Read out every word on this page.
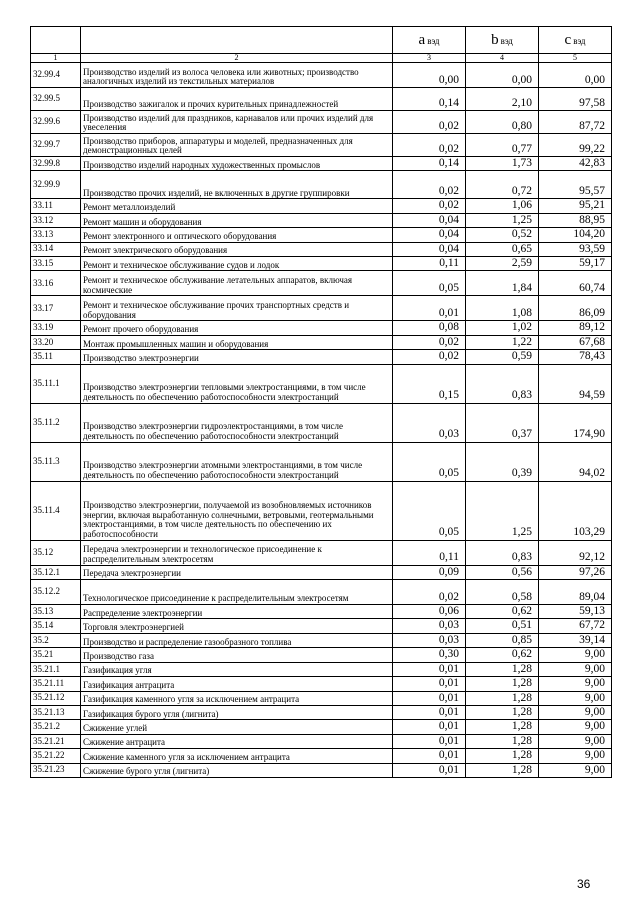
		a вэд	b вэд	c вэд
1	2	3	4	5
32.99.4	Производство изделий из волоса человека или животных; производство аналогичных изделий из текстильных материалов	0,00	0,00	0,00
32.99.5	Производство зажигалок и прочих курительных принадлежностей	0,14	2,10	97,58
32.99.6	Производство изделий для праздников, карнавалов или прочих изделий для увеселения	0,02	0,80	87,72
32.99.7	Производство приборов, аппаратуры и моделей, предназначенных для демонстрационных целей	0,02	0,77	99,22
32.99.8	Производство изделий народных художественных промыслов	0,14	1,73	42,83
32.99.9	Производство прочих изделий, не включенных в другие группировки	0,02	0,72	95,57
33.11	Ремонт металлоизделий	0,02	1,06	95,21
33.12	Ремонт машин и оборудования	0,04	1,25	88,95
33.13	Ремонт электронного и оптического оборудования	0,04	0,52	104,20
33.14	Ремонт электрического оборудования	0,04	0,65	93,59
33.15	Ремонт и техническое обслуживание судов и лодок	0,11	2,59	59,17
33.16	Ремонт и техническое обслуживание летательных аппаратов, включая космические	0,05	1,84	60,74
33.17	Ремонт и техническое обслуживание прочих транспортных средств и оборудования	0,01	1,08	86,09
33.19	Ремонт прочего оборудования	0,08	1,02	89,12
33.20	Монтаж промышленных машин и оборудования	0,02	1,22	67,68
35.11	Производство электроэнергии	0,02	0,59	78,43
35.11.1	Производство электроэнергии тепловыми электростанциями, в том числе деятельность по обеспечению работоспособности электростанций	0,15	0,83	94,59
35.11.2	Производство электроэнергии гидроэлектростанциями, в том числе деятельность по обеспечению работоспособности электростанций	0,03	0,37	174,90
35.11.3	Производство электроэнергии атомными электростанциями, в том числе деятельность по обеспечению работоспособности электростанций	0,05	0,39	94,02
35.11.4	Производство электроэнергии, получаемой из возобновляемых источников энергии, включая выработанную солнечными, ветровыми, геотермальными электростанциями, в том числе деятельность по обеспечению их работоспособности	0,05	1,25	103,29
35.12	Передача электроэнергии и технологическое присоединение к распределительным электросетям	0,11	0,83	92,12
35.12.1	Передача электроэнергии	0,09	0,56	97,26
35.12.2	Технологическое присоединение к распределительным электросетям	0,02	0,58	89,04
35.13	Распределение электроэнергии	0,06	0,62	59,13
35.14	Торговля электроэнергией	0,03	0,51	67,72
35.2	Производство и распределение газообразного топлива	0,03	0,85	39,14
35.21	Производство газа	0,30	0,62	9,00
35.21.1	Газификация угля	0,01	1,28	9,00
35.21.11	Газификация антрацита	0,01	1,28	9,00
35.21.12	Газификация каменного угля за исключением антрацита	0,01	1,28	9,00
35.21.13	Газификация бурого угля (лигнита)	0,01	1,28	9,00
35.21.2	Сжижение углей	0,01	1,28	9,00
35.21.21	Сжижение антрацита	0,01	1,28	9,00
35.21.22	Сжижение каменного угля за исключением антрацита	0,01	1,28	9,00
35.21.23	Сжижение бурого угля (лигнита)	0,01	1,28	9,00
36
